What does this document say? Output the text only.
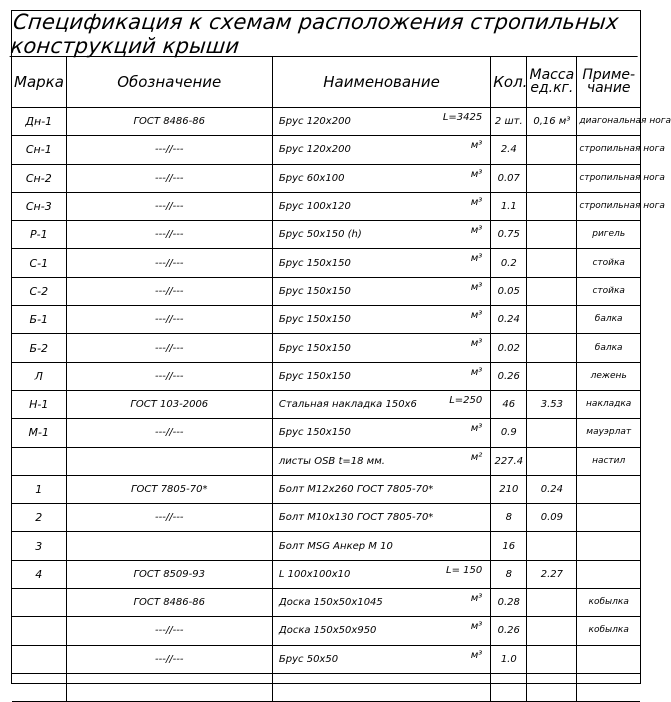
Спецификация к схемам расположения стропильных конструкций крыши
Марка	Обозначение	Наименование	Кол.	Масса ед.кг.	Приме- чание
Дн-1	ГОСТ 8486-86	Брус 120х200 L=3425	2 шт.	0,16 м³	диагональная нога
Сн-1	---//---	Брус 120х200 м³	2.4		стропильная нога
Сн-2	---//---	Брус 60х100 м³	0.07		стропильная нога
Сн-3	---//---	Брус 100х120 м³	1.1		стропильная нога
Р-1	---//---	Брус 50х150 (h) м³	0.75		ригель
С-1	---//---	Брус 150х150 м³	0.2		стойка
С-2	---//---	Брус 150х150 м³	0.05		стойка
Б-1	---//---	Брус 150х150 м³	0.24		балка
Б-2	---//---	Брус 150х150 м³	0.02		балка
Л	---//---	Брус 150х150 м³	0.26		лежень
Н-1	ГОСТ 103-2006	Стальная накладка 150х6 L=250	46	3.53	накладка
М-1	---//---	Брус 150х150 м³	0.9		мауэрлат
		листы OSB t=18 мм. м²	227.4		настил
1	ГОСТ 7805-70*	Болт М12х260 ГОСТ 7805-70*	210	0.24	
2	---//---	Болт М10х130 ГОСТ 7805-70*	8	0.09	
3		Болт MSG Анкер М 10	16		
4	ГОСТ 8509-93	L 100х100х10 L= 150	8	2.27	
	ГОСТ 8486-86	Доска 150х50х1045 м³	0.28		кобылка
	---//---	Доска 150х50х950 м³	0.26		кобылка
	---//---	Брус 50х50 м³	1.0		
